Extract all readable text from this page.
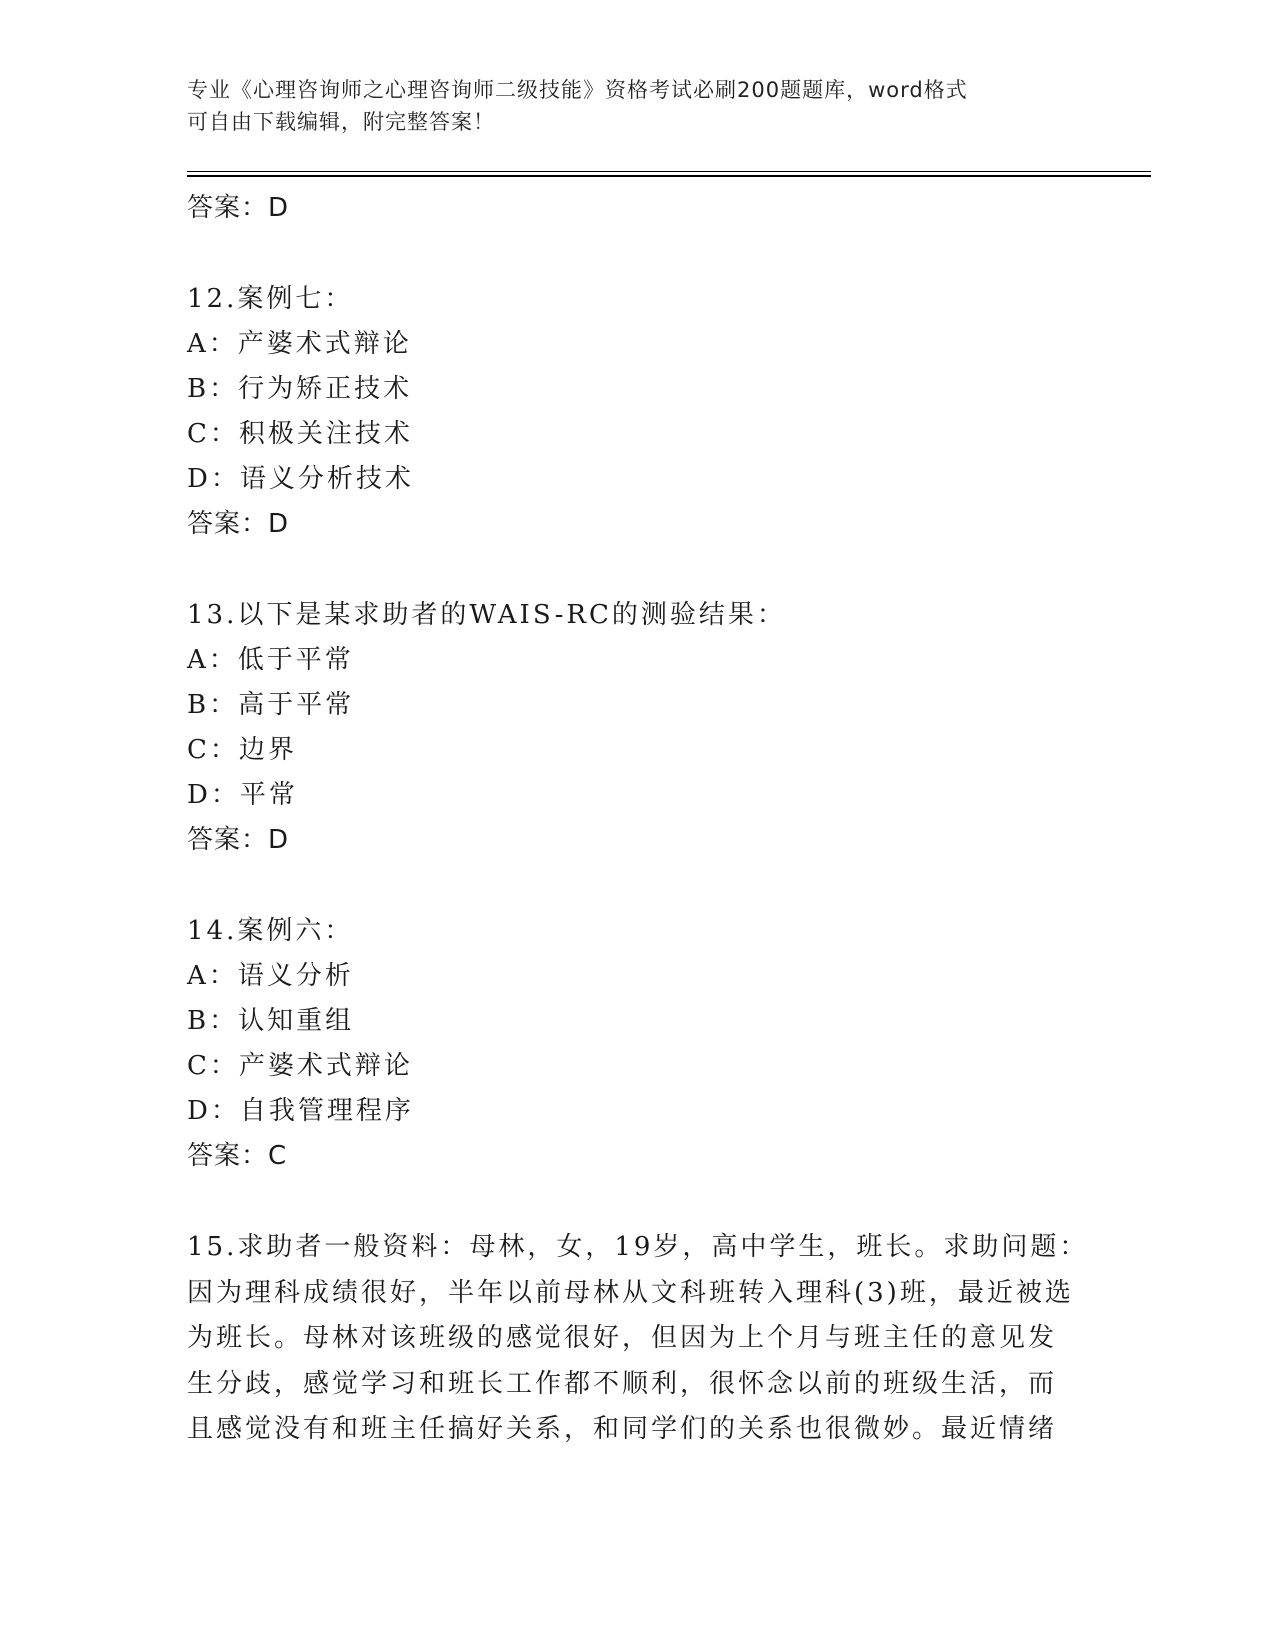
专业《心理咨询师之心理咨询师二级技能》资格考试必刷200题题库，word格式
可自由下载编辑，附完整答案！
答案：D
12.案例七：
A：产婆术式辩论
B：行为矫正技术
C：积极关注技术
D：语义分析技术
答案：D
13.以下是某求助者的WAIS-RC的测验结果：
A：低于平常
B：高于平常
C：边界
D：平常
答案：D
14.案例六：
A：语义分析
B：认知重组
C：产婆术式辩论
D：自我管理程序
答案：C
15.求助者一般资料：母林，女，19岁，高中学生，班长。求助问题：
因为理科成绩很好，半年以前母林从文科班转入理科(3)班，最近被选
为班长。母林对该班级的感觉很好，但因为上个月与班主任的意见发
生分歧，感觉学习和班长工作都不顺利，很怀念以前的班级生活，而
且感觉没有和班主任搞好关系，和同学们的关系也很微妙。最近情绪
